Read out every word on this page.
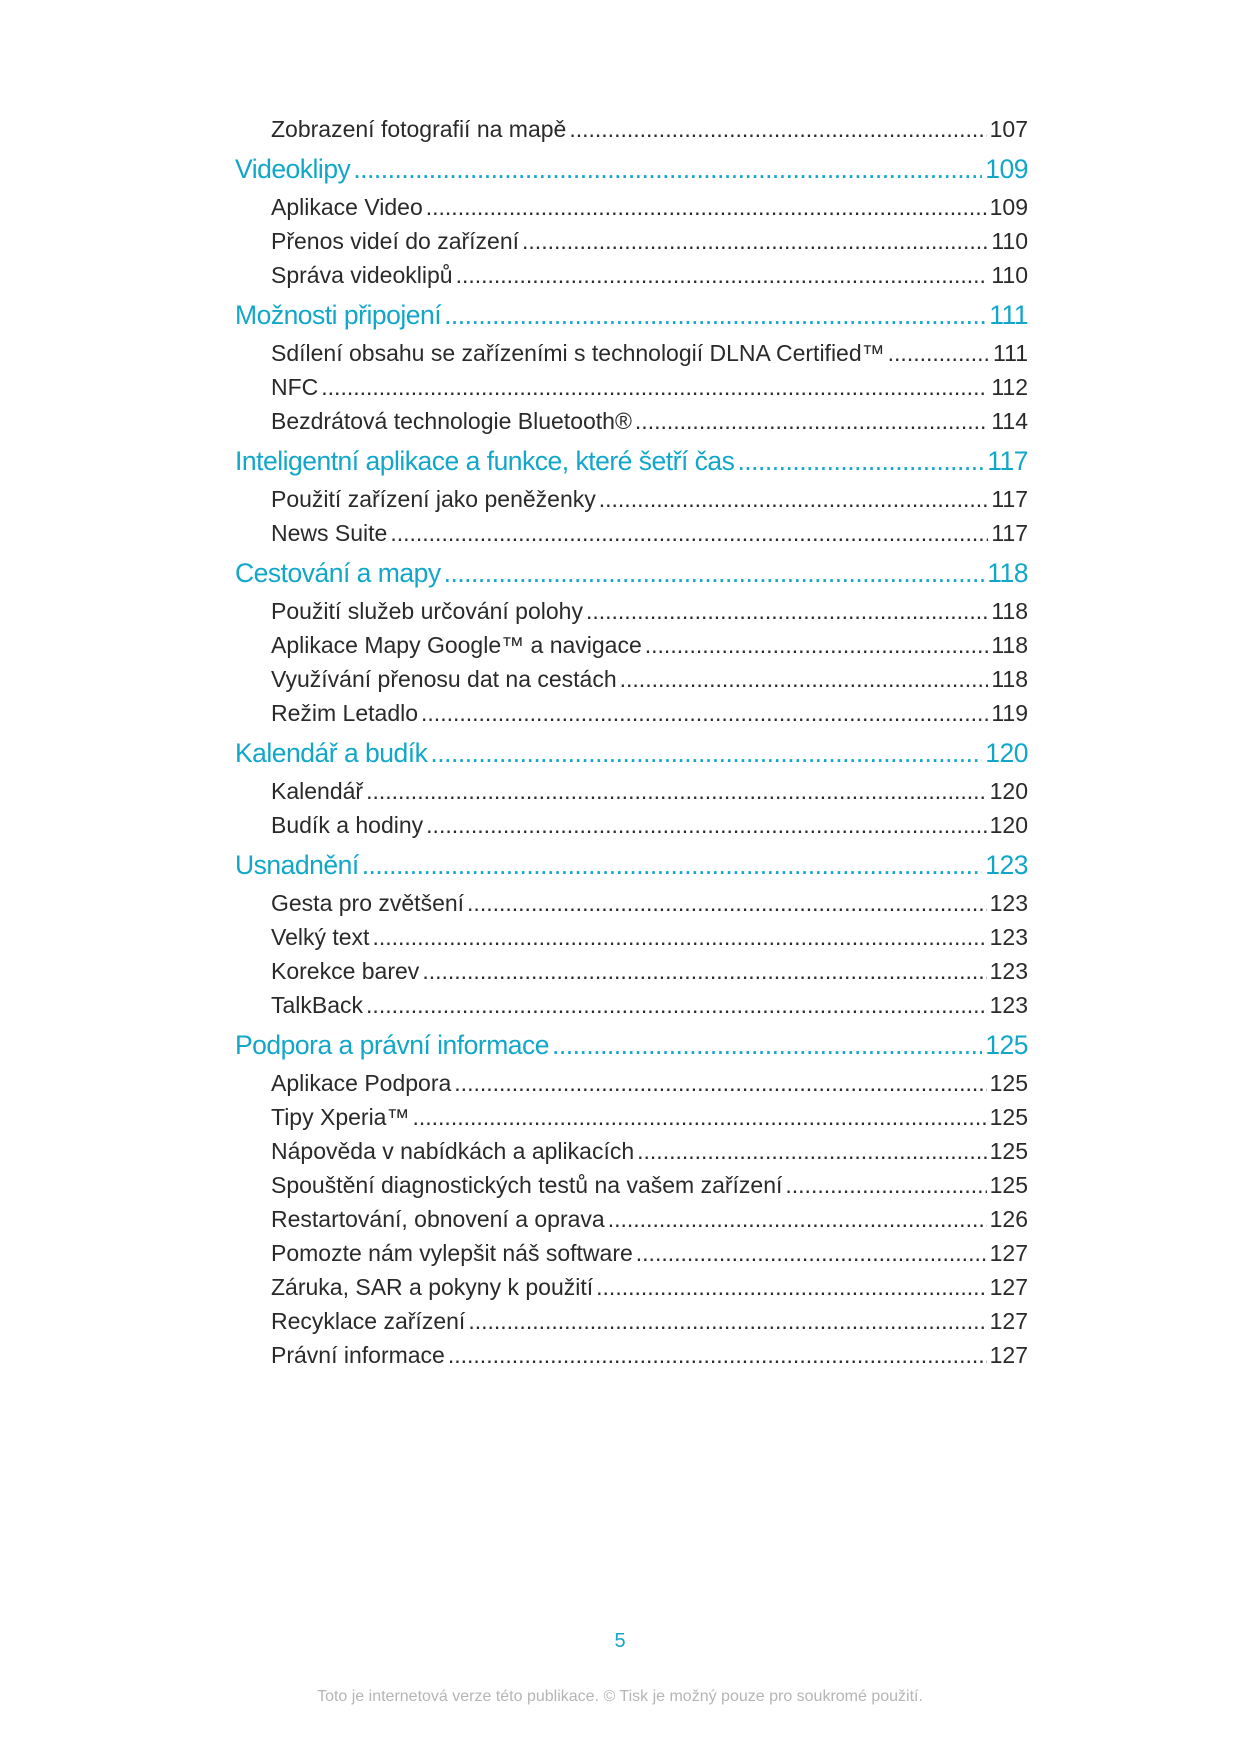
Zobrazení fotografií na mapě .....	107
Videoklipy .....	109
Aplikace Video .....	109
Přenos videí do zařízení .....	110
Správa videoklipů .....	110
Možnosti připojení .....	111
Sdílení obsahu se zařízeními s technologií DLNA Certified™ .....	111
NFC .....	112
Bezdrátová technologie Bluetooth® .....	114
Inteligentní aplikace a funkce, které šetří čas .....	117
Použití zařízení jako peněženky .....	117
News Suite .....	117
Cestování a mapy .....	118
Použití služeb určování polohy .....	118
Aplikace Mapy Google™ a navigace .....	118
Využívání přenosu dat na cestách .....	118
Režim Letadlo .....	119
Kalendář a budík .....	120
Kalendář .....	120
Budík a hodiny .....	120
Usnadnění .....	123
Gesta pro zvětšení .....	123
Velký text .....	123
Korekce barev .....	123
TalkBack .....	123
Podpora a právní informace .....	125
Aplikace Podpora .....	125
Tipy Xperia™ .....	125
Nápověda v nabídkách a aplikacích .....	125
Spouštění diagnostických testů na vašem zařízení .....	125
Restartování, obnovení a oprava .....	126
Pomozte nám vylepšit náš software .....	127
Záruka, SAR a pokyny k použití .....	127
Recyklace zařízení .....	127
Právní informace .....	127
5
Toto je internetová verze této publikace. © Tisk je možný pouze pro soukromé použití.
